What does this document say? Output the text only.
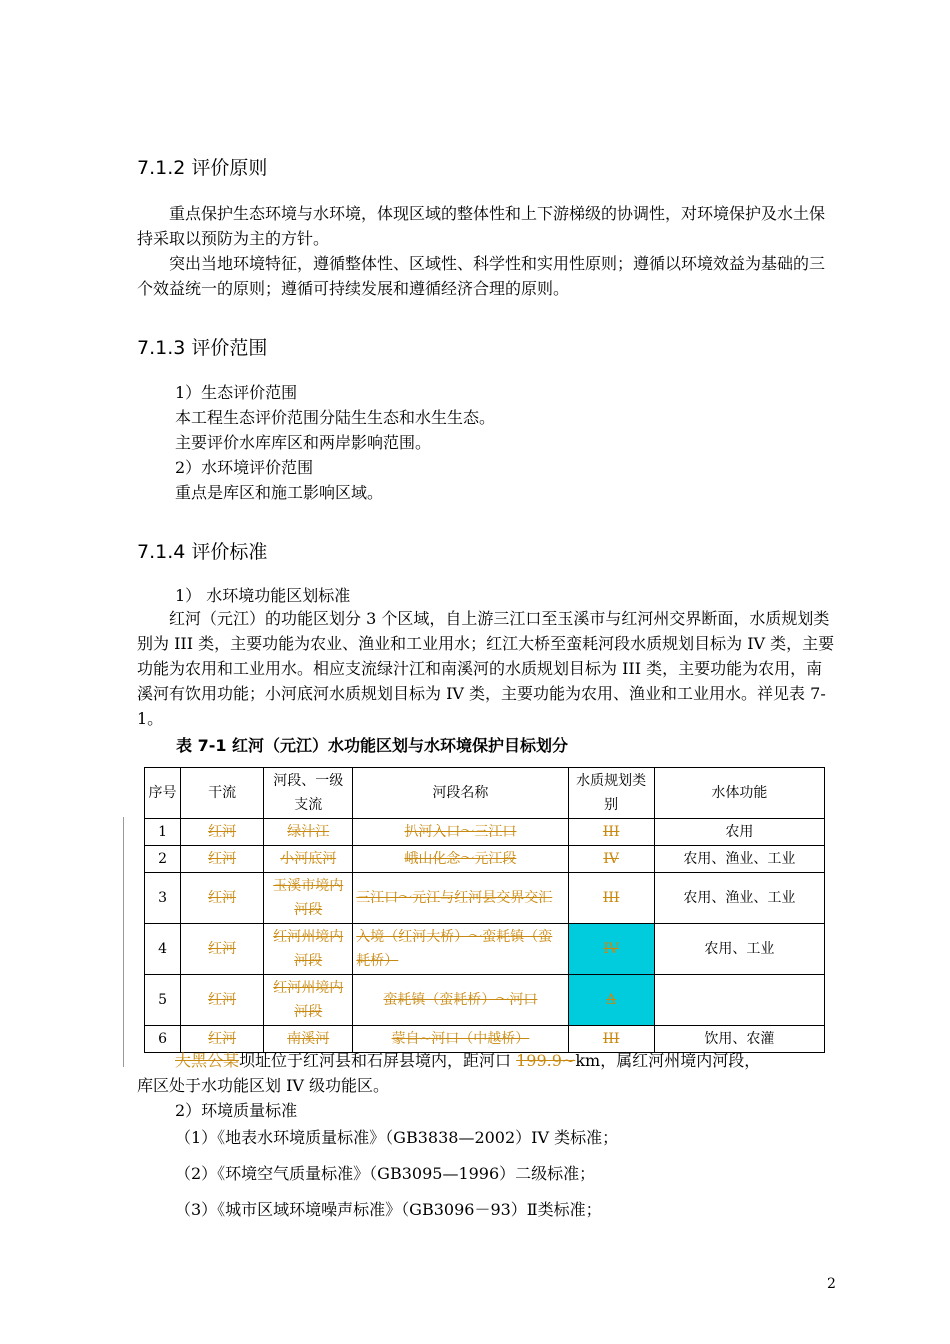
7.1.2 评价原则
重点保护生态环境与水环境，体现区域的整体性和上下游梯级的协调性，对环境保护及水土保持采取以预防为主的方针。
突出当地环境特征，遵循整体性、区域性、科学性和实用性原则；遵循以环境效益为基础的三个效益统一的原则；遵循可持续发展和遵循经济合理的原则。
7.1.3 评价范围
1）生态评价范围
本工程生态评价范围分陆生生态和水生生态。
主要评价水库库区和两岸影响范围。
2）水环境评价范围
重点是库区和施工影响区域。
7.1.4 评价标准
1） 水环境功能区划标准
红河（元江）的功能区划分 3 个区域，自上游三江口至玉溪市与红河州交界断面，水质规划类别为 III 类，主要功能为农业、渔业和工业用水；红江大桥至蛮耗河段水质规划目标为 IV 类，主要功能为农用和工业用水。相应支流绿汁江和南溪河的水质规划目标为 III 类，主要功能为农用，南溪河有饮用功能；小河底河水质规划目标为 IV 类，主要功能为农用、渔业和工业用水。祥见表 7-1。
表 7-1 红河（元江）水功能区划与水环境保护目标划分
序号	干流	河段、一级支流	河段名称	水质规划类别	水体功能
1	红河	绿汁江	扒河入口～三江口	III	农用
2	红河	小河底河	峨山化念～元江段	IV	农用、渔业、工业
3	红河	玉溪市境内河段	三江口～元江与红河县交界交汇	III	农用、渔业、工业
4	红河	红河州境内河段	入境（红河大桥）～蛮耗镇（蛮耗桥）	IV	农用、工业
5	红河	红河州境内河段	蛮耗镇（蛮耗桥）～河口	Δ	
6	红河	南溪河	蒙自~河口（中越桥）	III	饮用、农灌
大黑公某坝址位于红河县和石屏县境内，距河口 199.9~km，属红河州境内河段，
库区处于水功能区划 IV 级功能区。
2）环境质量标准
（1）《地表水环境质量标准》（GB3838—2002）IV 类标准；
（2）《环境空气质量标准》（GB3095—1996）二级标准；
（3）《城市区域环境噪声标准》（GB3096－93）Ⅱ类标准；
2
